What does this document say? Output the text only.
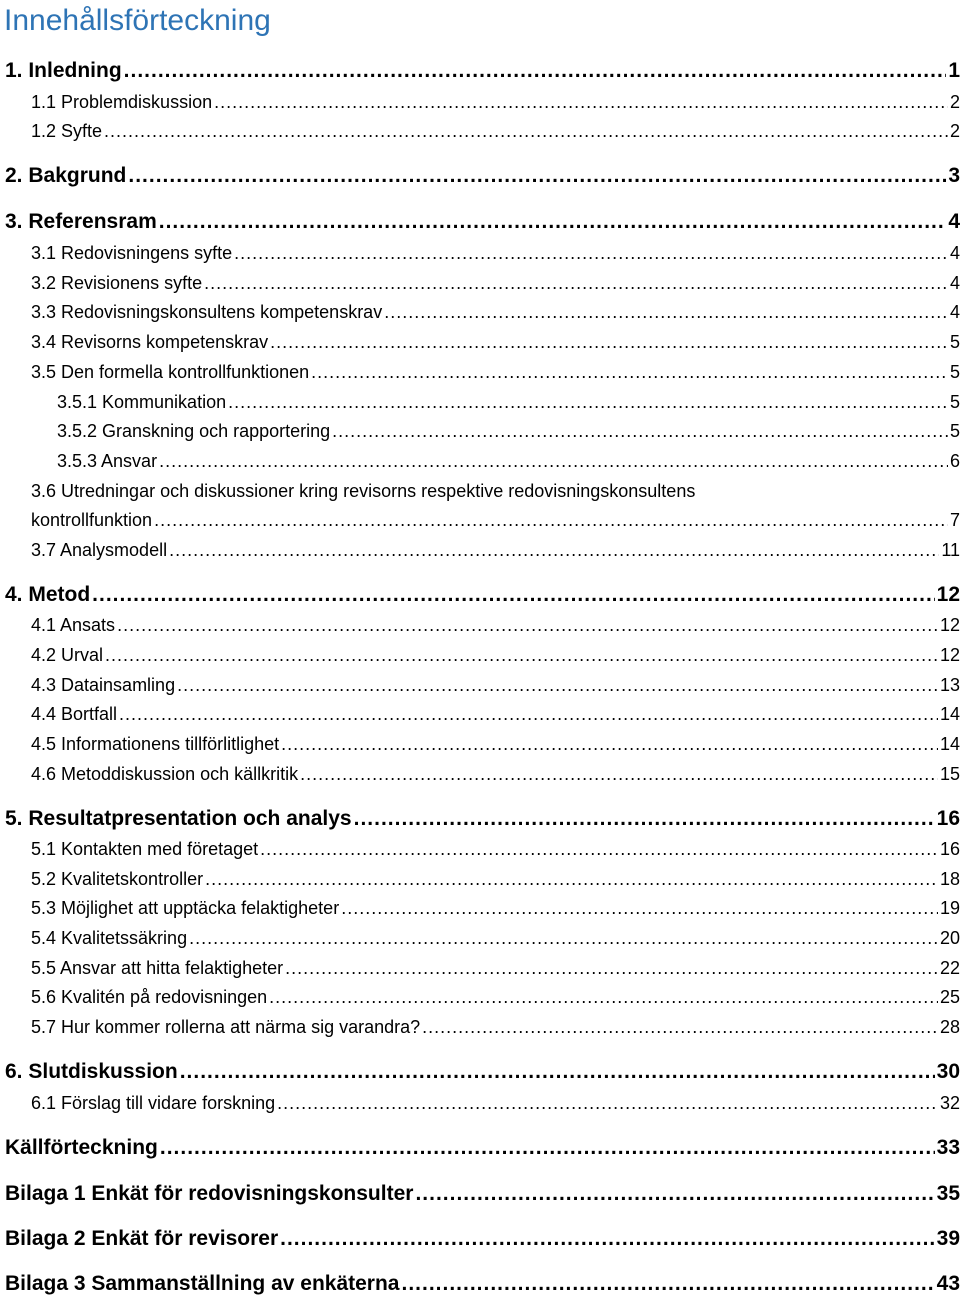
Innehållsförteckning
1. Inledning .....	1
1.1 Problemdiskussion .....	2
1.2 Syfte .....	2
2. Bakgrund .....	3
3. Referensram .....	4
3.1 Redovisningens syfte .....	4
3.2 Revisionens syfte .....	4
3.3 Redovisningskonsultens kompetenskrav .....	4
3.4 Revisorns kompetenskrav .....	5
3.5 Den formella kontrollfunktionen .....	5
3.5.1 Kommunikation .....	5
3.5.2 Granskning och rapportering .....	5
3.5.3 Ansvar .....	6
3.6 Utredningar och diskussioner kring revisorns respektive redovisningskonsultens
kontrollfunktion .....	7
3.7 Analysmodell .....	11
4. Metod .....	12
4.1 Ansats .....	12
4.2 Urval .....	12
4.3 Datainsamling .....	13
4.4 Bortfall .....	14
4.5 Informationens tillförlitlighet .....	14
4.6 Metoddiskussion och källkritik .....	15
5. Resultatpresentation och analys .....	16
5.1 Kontakten med företaget .....	16
5.2 Kvalitetskontroller .....	18
5.3 Möjlighet att upptäcka felaktigheter .....	19
5.4 Kvalitetssäkring .....	20
5.5 Ansvar att hitta felaktigheter .....	22
5.6 Kvalitén på redovisningen .....	25
5.7 Hur kommer rollerna att närma sig varandra? .....	28
6. Slutdiskussion .....	30
6.1 Förslag till vidare forskning .....	32
Källförteckning .....	33
Bilaga 1 Enkät för redovisningskonsulter .....	35
Bilaga 2 Enkät för revisorer .....	39
Bilaga 3 Sammanställning av enkäterna .....	43
